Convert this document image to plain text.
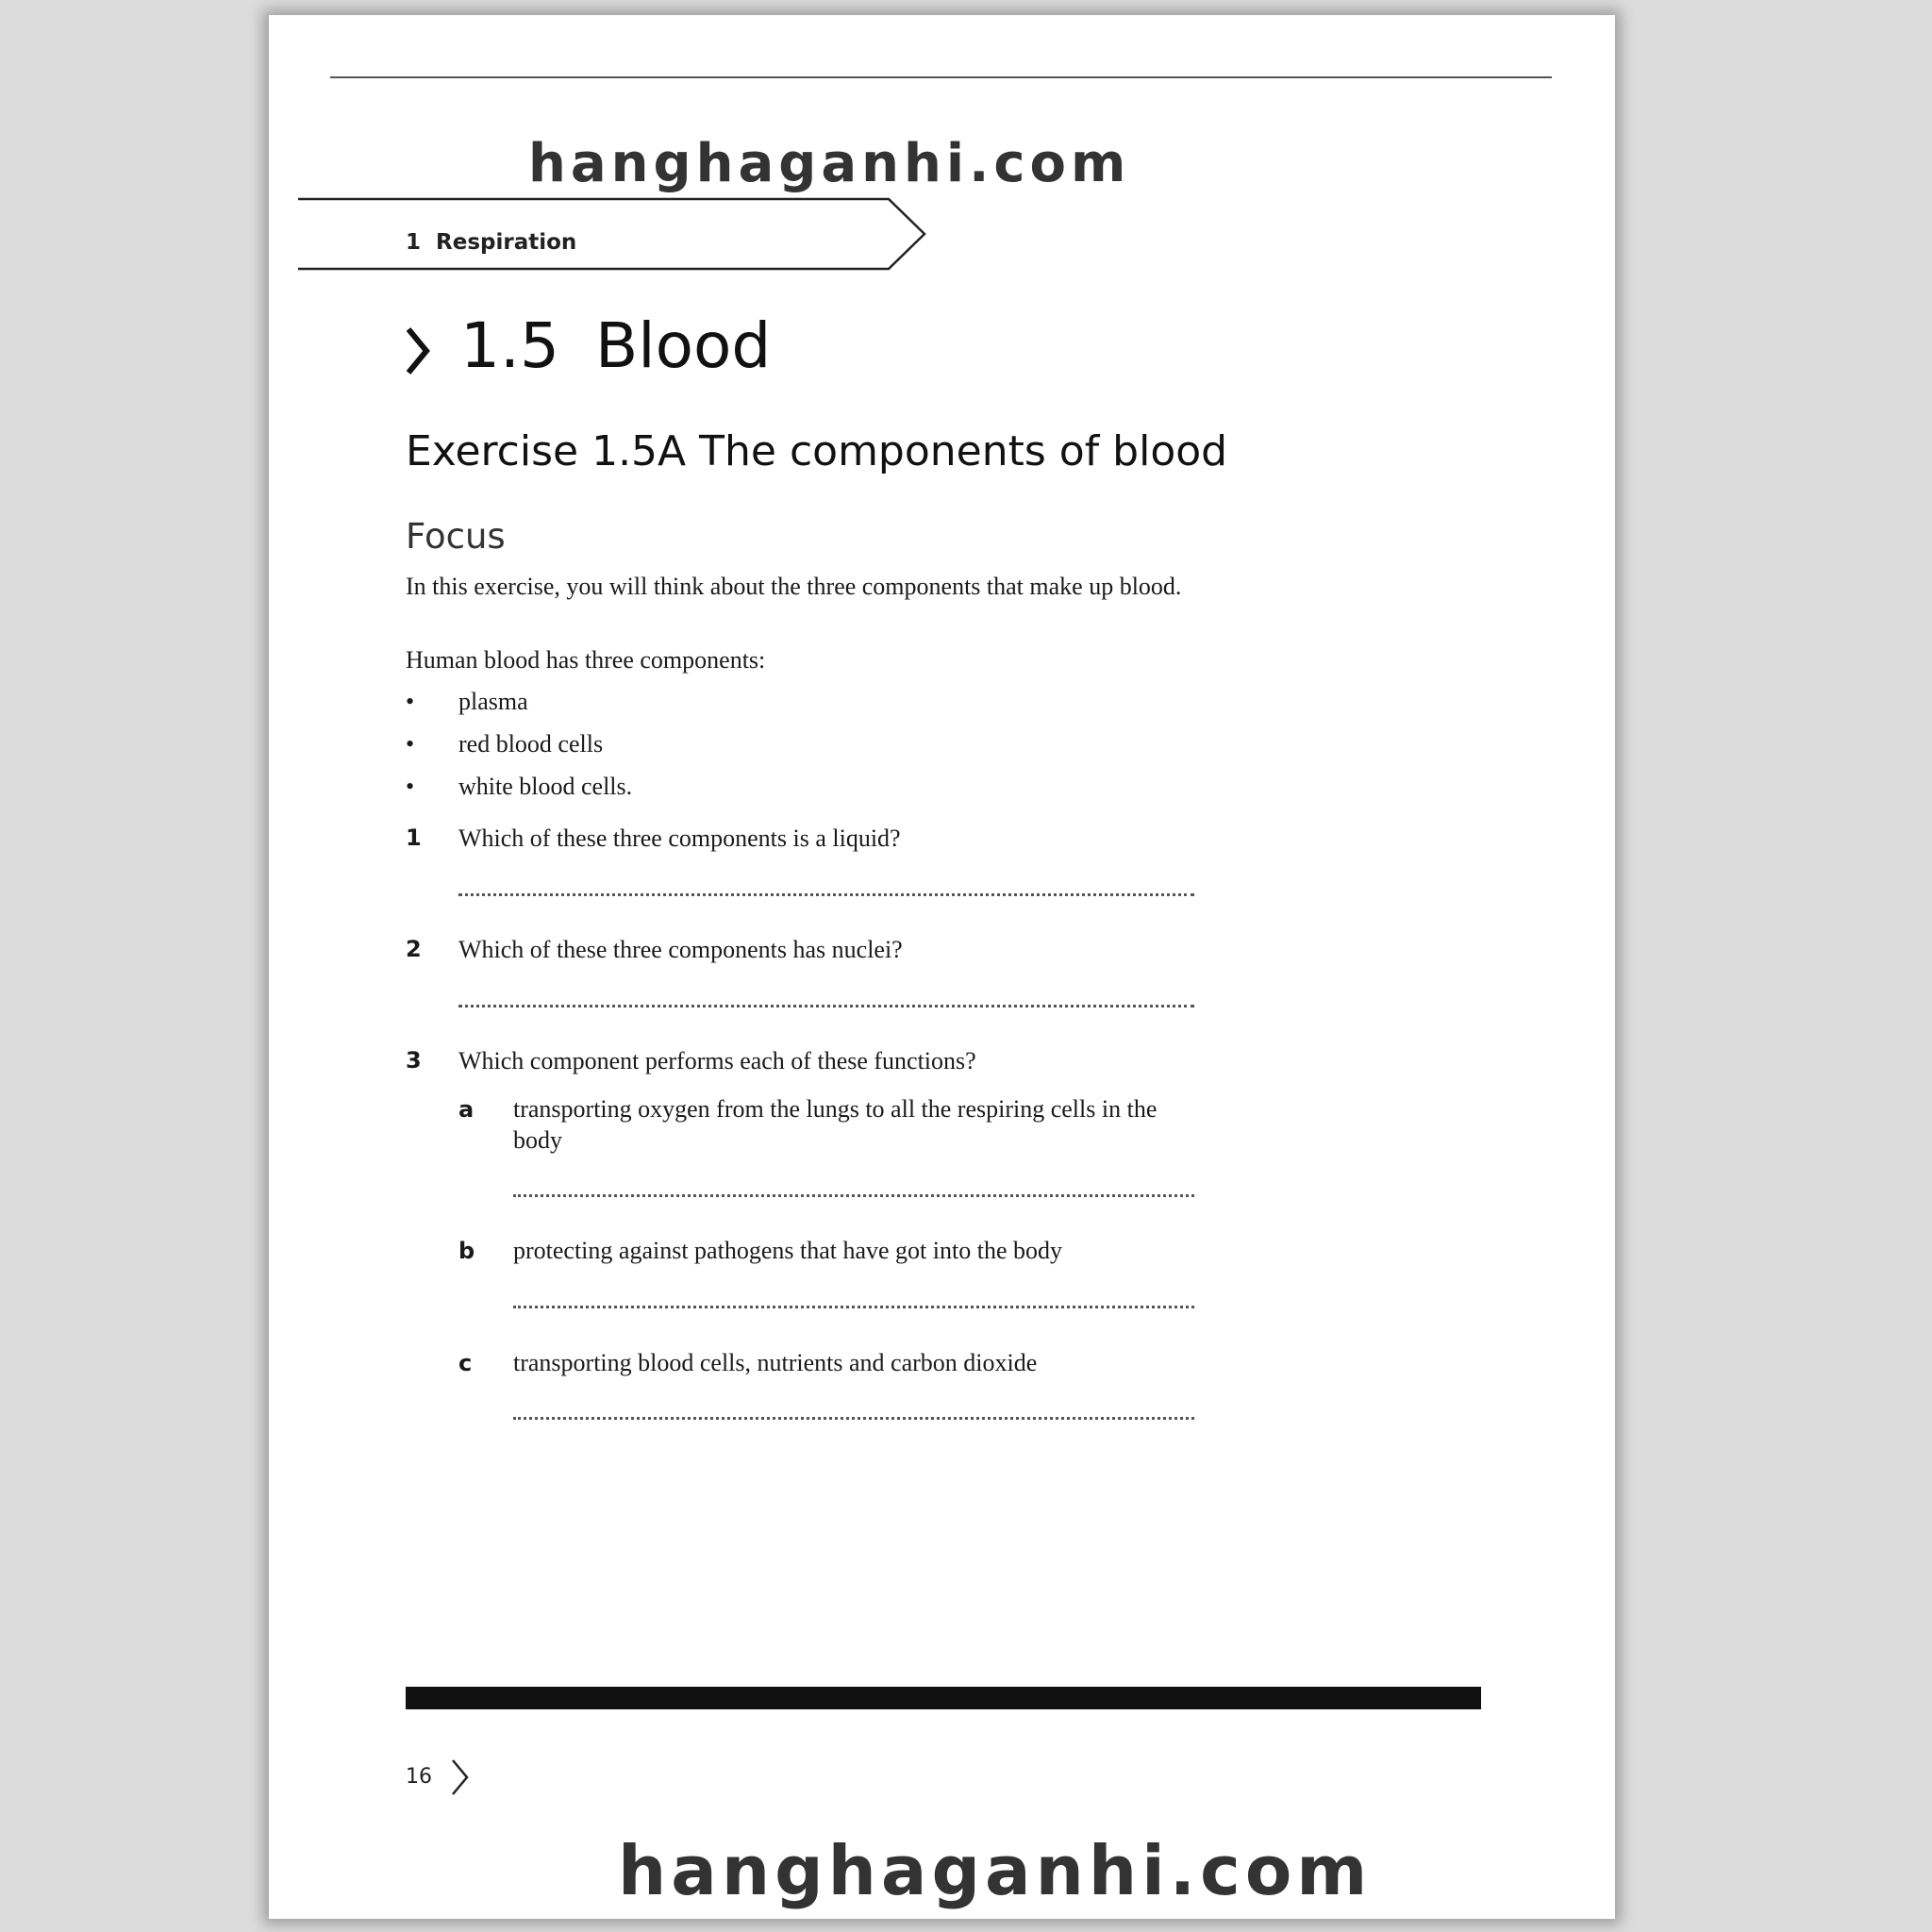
hanghaganhi.com
1 Respiration
1.5 Blood
Exercise 1.5A The components of blood
Focus
In this exercise, you will think about the three components that make up blood.
Human blood has three components:
• plasma
• red blood cells
• white blood cells.
1 Which of these three components is a liquid?
2 Which of these three components has nuclei?
3 Which component performs each of these functions?
a transporting oxygen from the lungs to all the respiring cells in the body
b protecting against pathogens that have got into the body
c transporting blood cells, nutrients and carbon dioxide
16
hanghaganhi.com
